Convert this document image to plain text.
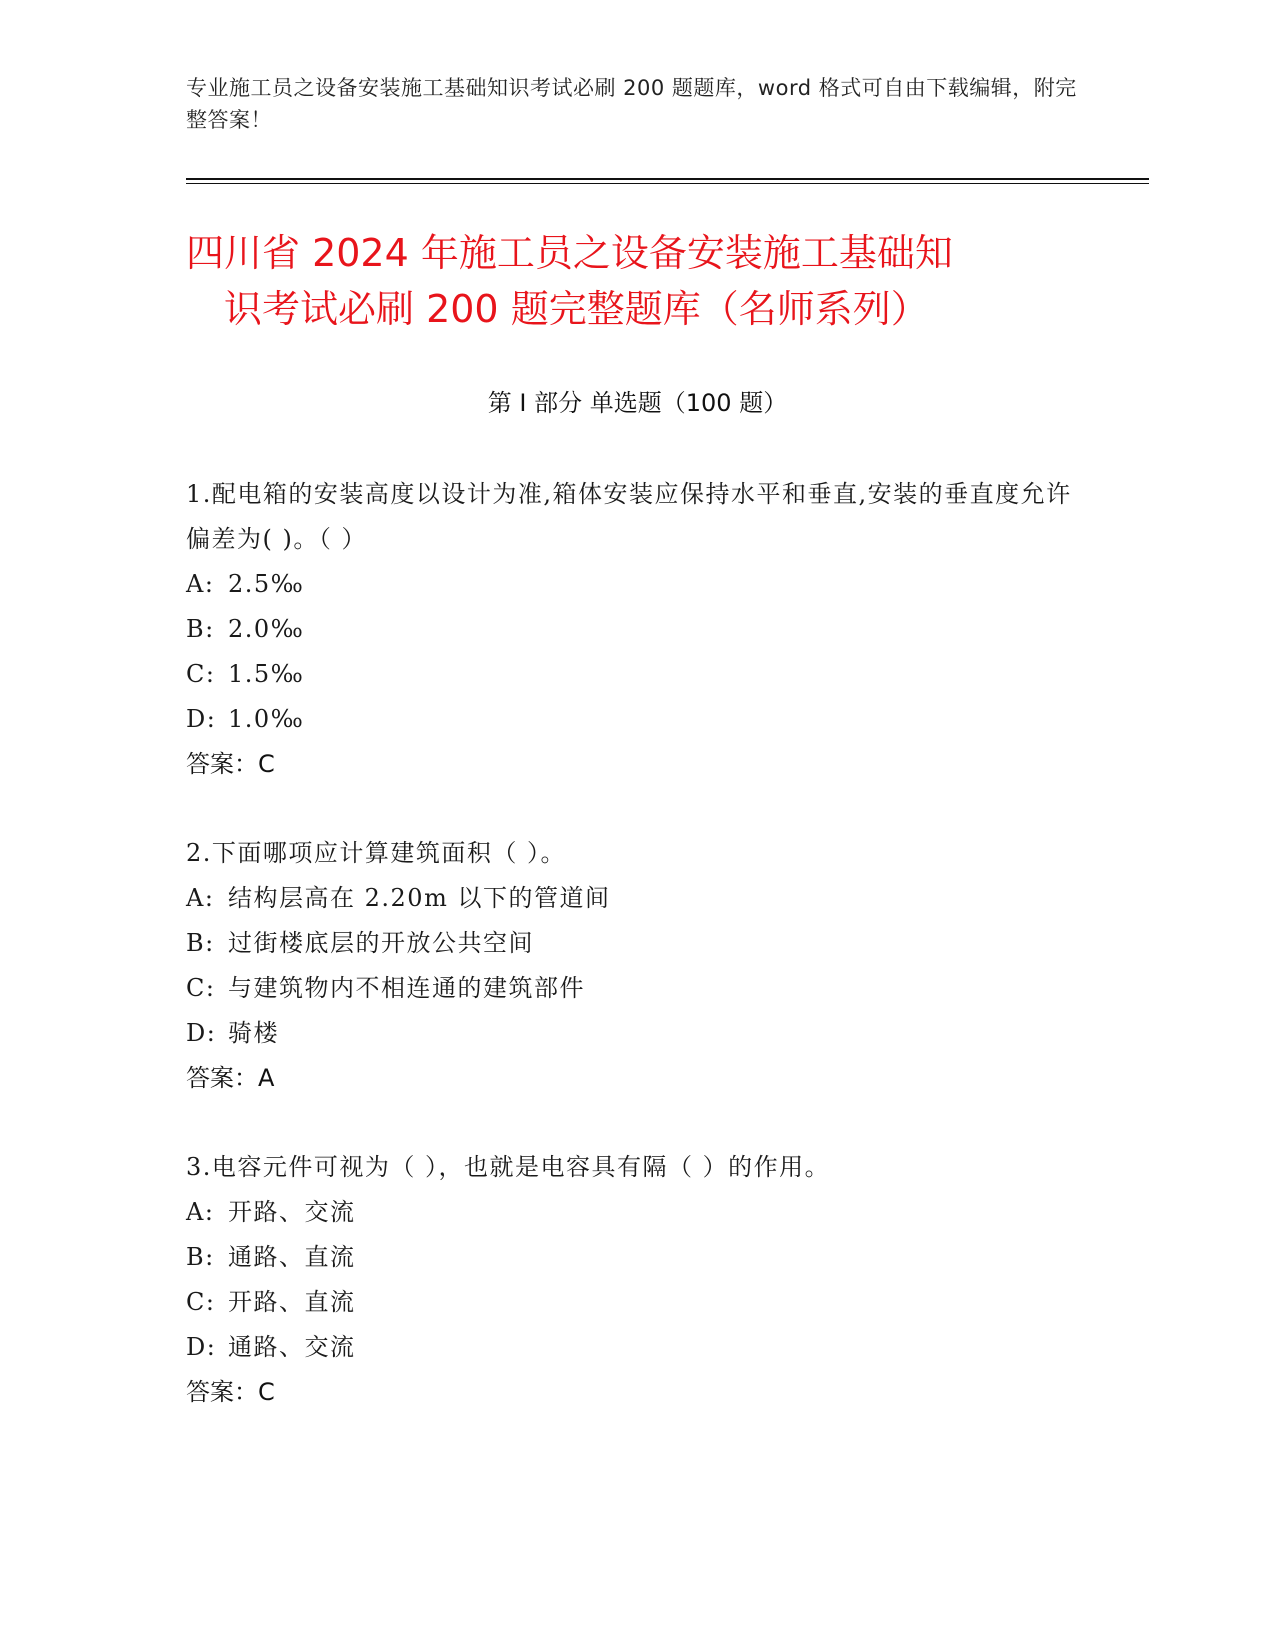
专业施工员之设备安装施工基础知识考试必刷 200 题题库，word 格式可自由下载编辑，附完整答案！
四川省 2024 年施工员之设备安装施工基础知
识考试必刷 200 题完整题库（名师系列）
第 I 部分 单选题（100 题）

1.配电箱的安装高度以设计为准,箱体安装应保持水平和垂直,安装的垂直度允许偏差为( )。（ ）

A: 2.5‰

B: 2.0‰

C: 1.5‰

D: 1.0‰

答案：C

2.下面哪项应计算建筑面积（ ）。

A: 结构层高在 2.20m 以下的管道间

B: 过街楼底层的开放公共空间

C: 与建筑物内不相连通的建筑部件

D: 骑楼

答案：A

3.电容元件可视为（ ），也就是电容具有隔（ ）的作用。

A: 开路、交流

B: 通路、直流

C: 开路、直流

D: 通路、交流

答案：C
